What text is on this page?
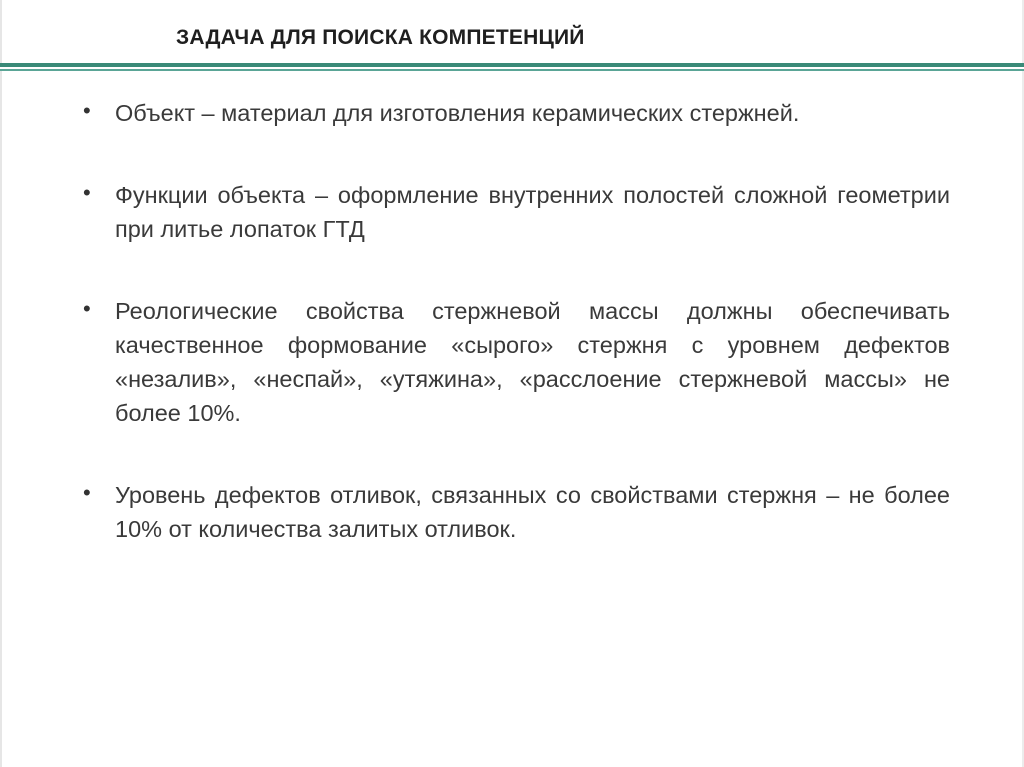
ЗАДАЧА ДЛЯ ПОИСКА КОМПЕТЕНЦИЙ
• Объект – материал для изготовления керамических стержней.
• Функции объекта – оформление внутренних полостей сложной геометрии при литье лопаток ГТД
• Реологические свойства стержневой массы должны обеспечивать качественное формование «сырого» стержня с уровнем дефектов «незалив», «неспай», «утяжина», «расслоение стержневой массы» не более 10%.
• Уровень дефектов отливок, связанных со свойствами стержня – не более 10% от количества залитых отливок.
